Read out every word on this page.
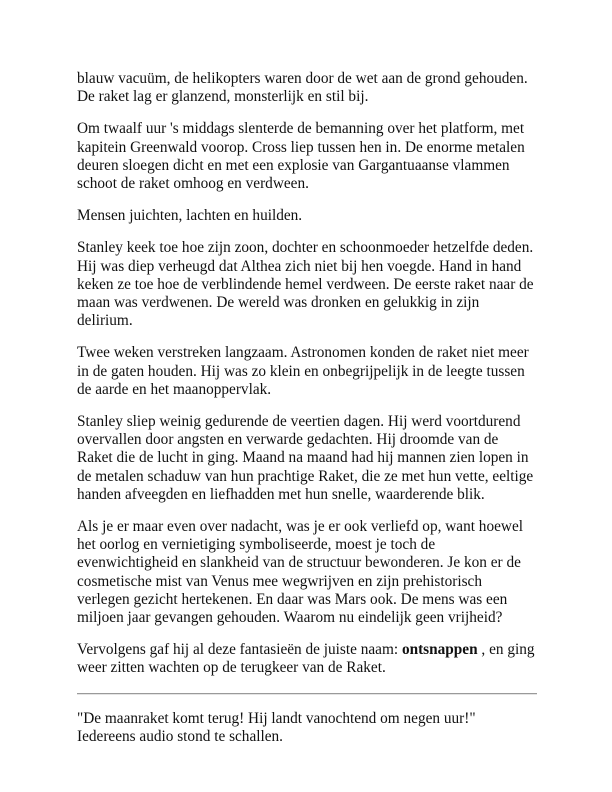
blauw vacuüm, de helikopters waren door de wet aan de grond gehouden. De raket lag er glanzend, monsterlijk en stil bij.

Om twaalf uur 's middags slenterde de bemanning over het platform, met kapitein Greenwald voorop. Cross liep tussen hen in. De enorme metalen deuren sloegen dicht en met een explosie van Gargantuaanse vlammen schoot de raket omhoog en verdween.

Mensen juichten, lachten en huilden.

Stanley keek toe hoe zijn zoon, dochter en schoonmoeder hetzelfde deden. Hij was diep verheugd dat Althea zich niet bij hen voegde. Hand in hand keken ze toe hoe de verblindende hemel verdween. De eerste raket naar de maan was verdwenen. De wereld was dronken en gelukkig in zijn delirium.

Twee weken verstreken langzaam. Astronomen konden de raket niet meer in de gaten houden. Hij was zo klein en onbegrijpelijk in de leegte tussen de aarde en het maanoppervlak.

Stanley sliep weinig gedurende de veertien dagen. Hij werd voortdurend overvallen door angsten en verwarde gedachten. Hij droomde van de Raket die de lucht in ging. Maand na maand had hij mannen zien lopen in de metalen schaduw van hun prachtige Raket, die ze met hun vette, eeltige handen afveegden en liefhadden met hun snelle, waarderende blik.

Als je er maar even over nadacht, was je er ook verliefd op, want hoewel het oorlog en vernietiging symboliseerde, moest je toch de evenwichtigheid en slankheid van de structuur bewonderen. Je kon er de cosmetische mist van Venus mee wegwrijven en zijn prehistorisch verlegen gezicht hertekenen. En daar was Mars ook. De mens was een miljoen jaar gevangen gehouden. Waarom nu eindelijk geen vrijheid?

Vervolgens gaf hij al deze fantasieën de juiste naam: ontsnappen , en ging weer zitten wachten op de terugkeer van de Raket.

"De maanraket komt terug! Hij landt vanochtend om negen uur!" Iedereens audio stond te schallen.
